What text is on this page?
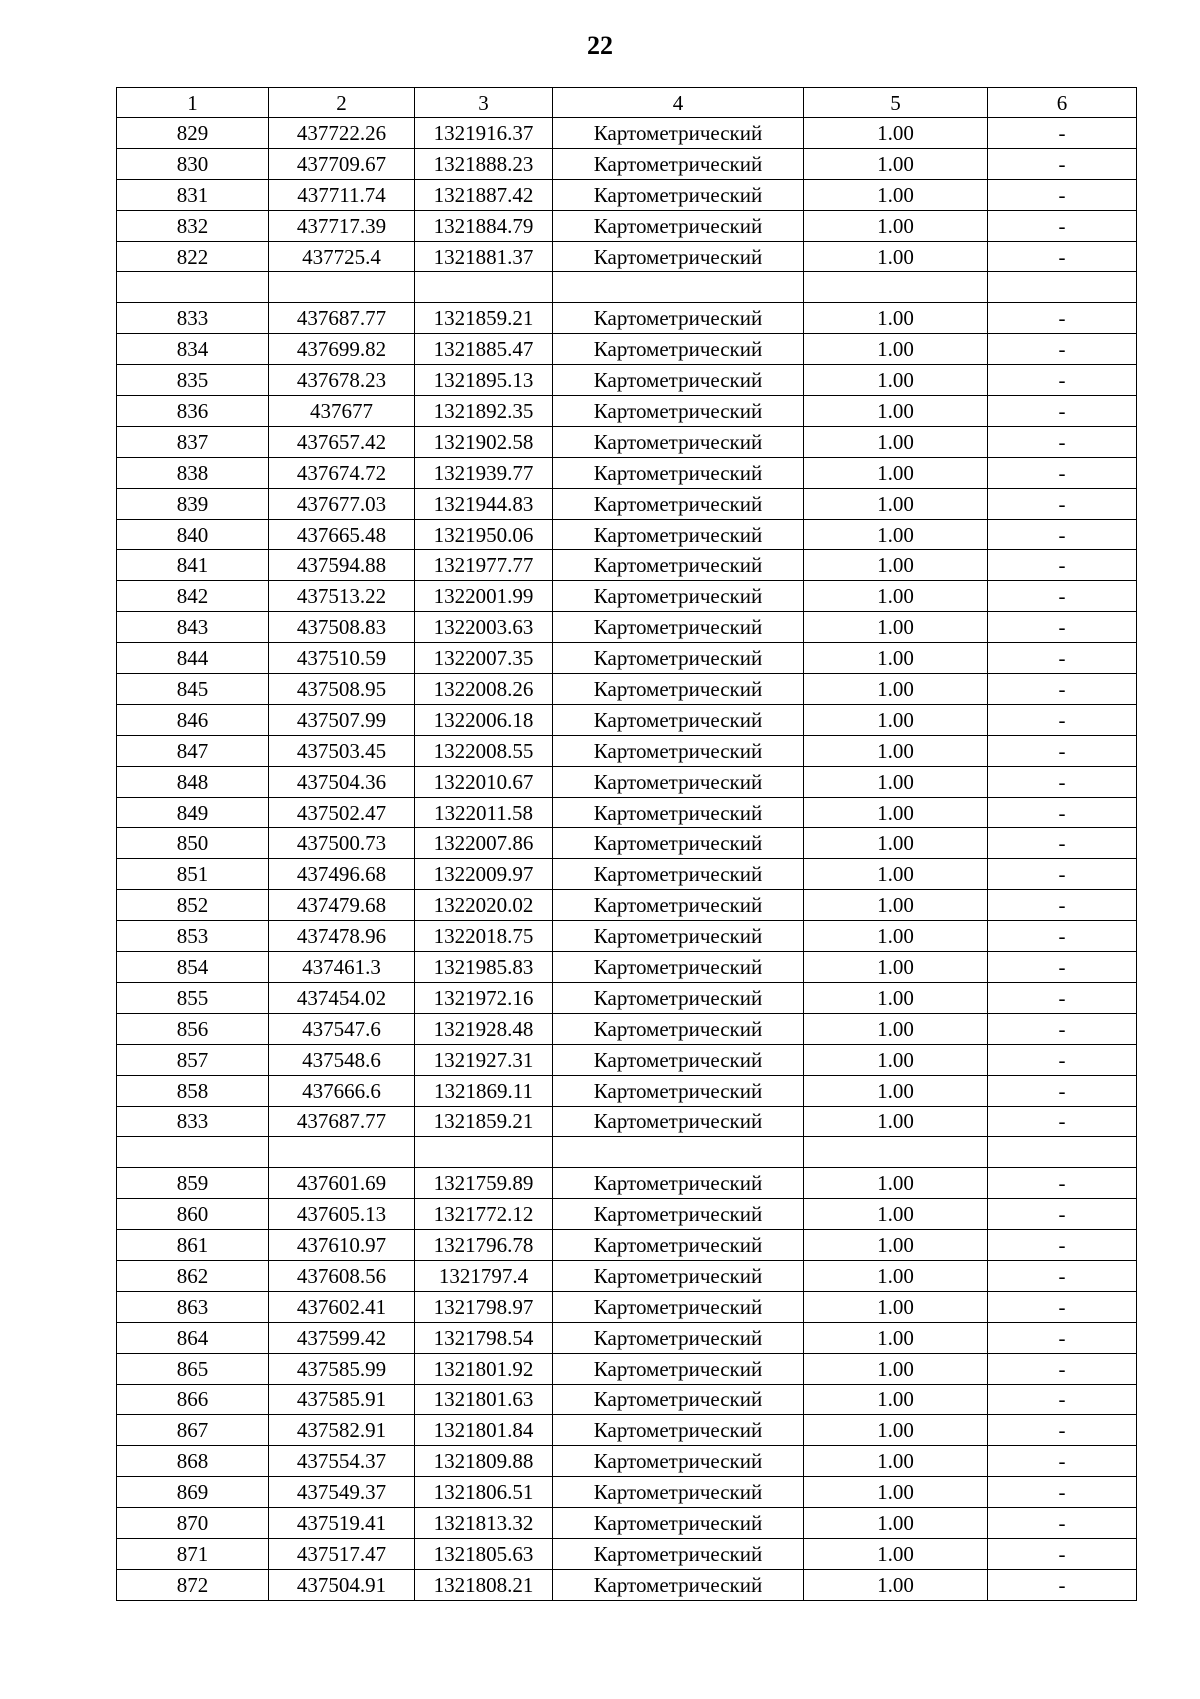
22
1	2	3	4	5	6
829	437722.26	1321916.37	Картометрический	1.00	-
830	437709.67	1321888.23	Картометрический	1.00	-
831	437711.74	1321887.42	Картометрический	1.00	-
832	437717.39	1321884.79	Картометрический	1.00	-
822	437725.4	1321881.37	Картометрический	1.00	-

833	437687.77	1321859.21	Картометрический	1.00	-
834	437699.82	1321885.47	Картометрический	1.00	-
835	437678.23	1321895.13	Картометрический	1.00	-
836	437677	1321892.35	Картометрический	1.00	-
837	437657.42	1321902.58	Картометрический	1.00	-
838	437674.72	1321939.77	Картометрический	1.00	-
839	437677.03	1321944.83	Картометрический	1.00	-
840	437665.48	1321950.06	Картометрический	1.00	-
841	437594.88	1321977.77	Картометрический	1.00	-
842	437513.22	1322001.99	Картометрический	1.00	-
843	437508.83	1322003.63	Картометрический	1.00	-
844	437510.59	1322007.35	Картометрический	1.00	-
845	437508.95	1322008.26	Картометрический	1.00	-
846	437507.99	1322006.18	Картометрический	1.00	-
847	437503.45	1322008.55	Картометрический	1.00	-
848	437504.36	1322010.67	Картометрический	1.00	-
849	437502.47	1322011.58	Картометрический	1.00	-
850	437500.73	1322007.86	Картометрический	1.00	-
851	437496.68	1322009.97	Картометрический	1.00	-
852	437479.68	1322020.02	Картометрический	1.00	-
853	437478.96	1322018.75	Картометрический	1.00	-
854	437461.3	1321985.83	Картометрический	1.00	-
855	437454.02	1321972.16	Картометрический	1.00	-
856	437547.6	1321928.48	Картометрический	1.00	-
857	437548.6	1321927.31	Картометрический	1.00	-
858	437666.6	1321869.11	Картометрический	1.00	-
833	437687.77	1321859.21	Картометрический	1.00	-

859	437601.69	1321759.89	Картометрический	1.00	-
860	437605.13	1321772.12	Картометрический	1.00	-
861	437610.97	1321796.78	Картометрический	1.00	-
862	437608.56	1321797.4	Картометрический	1.00	-
863	437602.41	1321798.97	Картометрический	1.00	-
864	437599.42	1321798.54	Картометрический	1.00	-
865	437585.99	1321801.92	Картометрический	1.00	-
866	437585.91	1321801.63	Картометрический	1.00	-
867	437582.91	1321801.84	Картометрический	1.00	-
868	437554.37	1321809.88	Картометрический	1.00	-
869	437549.37	1321806.51	Картометрический	1.00	-
870	437519.41	1321813.32	Картометрический	1.00	-
871	437517.47	1321805.63	Картометрический	1.00	-
872	437504.91	1321808.21	Картометрический	1.00	-
